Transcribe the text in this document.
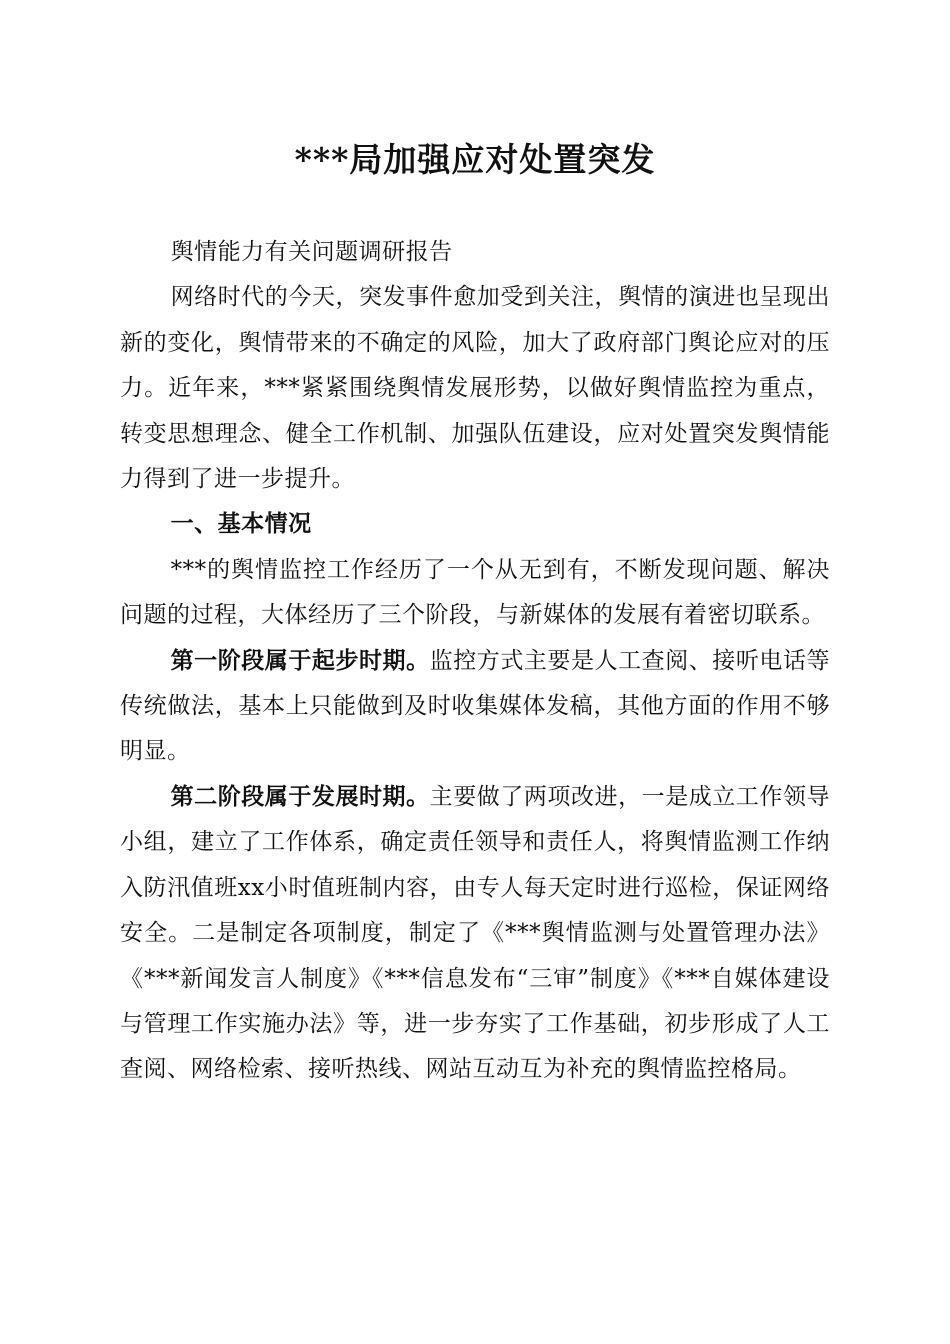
***局加强应对处置突发

舆情能力有关问题调研报告

网络时代的今天，突发事件愈加受到关注，舆情的演进也呈现出新的变化，舆情带来的不确定的风险，加大了政府部门舆论应对的压力。近年来，***紧紧围绕舆情发展形势，以做好舆情监控为重点，转变思想理念、健全工作机制、加强队伍建设，应对处置突发舆情能力得到了进一步提升。

一、基本情况

***的舆情监控工作经历了一个从无到有，不断发现问题、解决问题的过程，大体经历了三个阶段，与新媒体的发展有着密切联系。

第一阶段属于起步时期。监控方式主要是人工查阅、接听电话等传统做法，基本上只能做到及时收集媒体发稿，其他方面的作用不够明显。

第二阶段属于发展时期。主要做了两项改进，一是成立工作领导小组，建立了工作体系，确定责任领导和责任人，将舆情监测工作纳入防汛值班xx小时值班制内容，由专人每天定时进行巡检，保证网络安全。二是制定各项制度，制定了《***舆情监测与处置管理办法》《***新闻发言人制度》《***信息发布“三审”制度》《***自媒体建设与管理工作实施办法》等，进一步夯实了工作基础，初步形成了人工查阅、网络检索、接听热线、网站互动互为补充的舆情监控格局。
